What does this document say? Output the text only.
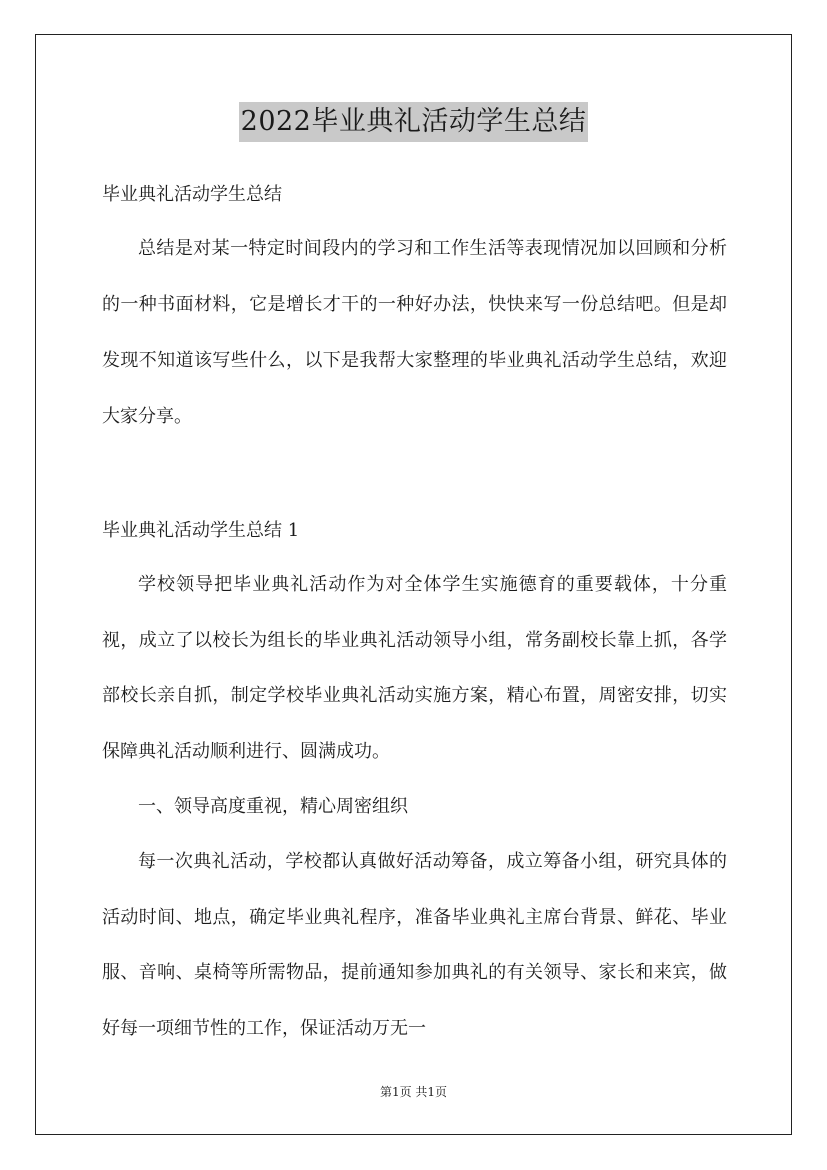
2022毕业典礼活动学生总结

毕业典礼活动学生总结

总结是对某一特定时间段内的学习和工作生活等表现情况加以回顾和分析的一种书面材料，它是增长才干的一种好办法，快快来写一份总结吧。但是却发现不知道该写些什么，以下是我帮大家整理的毕业典礼活动学生总结，欢迎大家分享。

毕业典礼活动学生总结 1

学校领导把毕业典礼活动作为对全体学生实施德育的重要载体，十分重视，成立了以校长为组长的毕业典礼活动领导小组，常务副校长靠上抓，各学部校长亲自抓，制定学校毕业典礼活动实施方案，精心布置，周密安排，切实保障典礼活动顺利进行、圆满成功。

一、领导高度重视，精心周密组织

每一次典礼活动，学校都认真做好活动筹备，成立筹备小组，研究具体的活动时间、地点，确定毕业典礼程序，准备毕业典礼主席台背景、鲜花、毕业服、音响、桌椅等所需物品，提前通知参加典礼的有关领导、家长和来宾，做好每一项细节性的工作，保证活动万无一

第1页 共1页
